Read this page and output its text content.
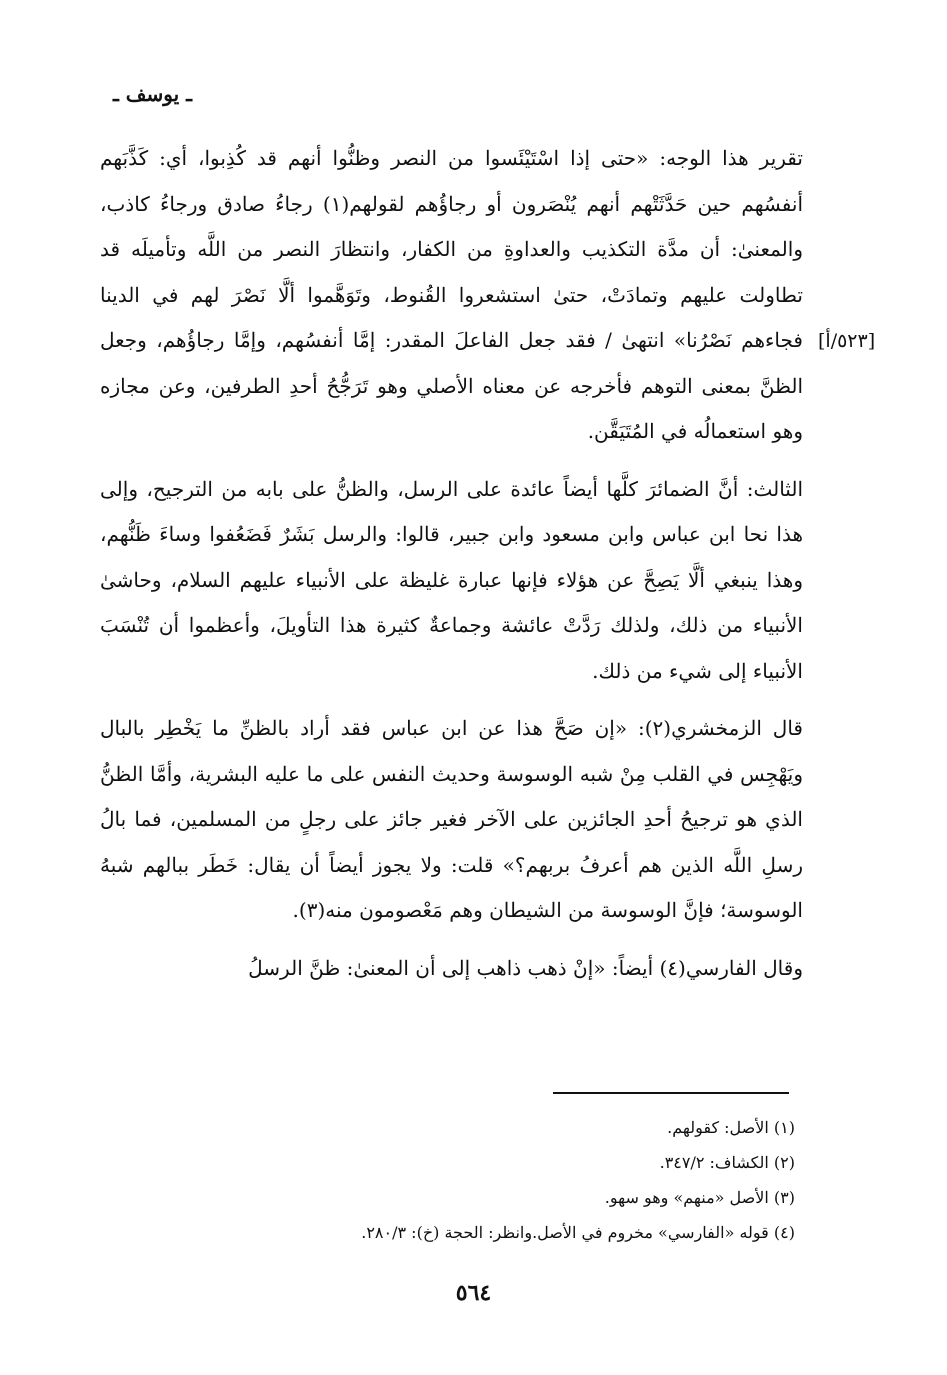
ـ يوسف ـ
[٥٢٣/أ]

تقرير هذا الوجه: «حتى إذا اسْتَيْئَسوا من النصر وظنُّوا أنهم قد كُذِبوا، أي: كَذَّبَهم أنفسُهم حين حَدَّثَتْهم أنهم يُنْصَرون أو رجاؤُهم لقولهم(١) رجاءُ صادق ورجاءُ كاذب، والمعنىٰ: أن مدَّة التكذيب والعداوةِ من الكفار، وانتظارَ النصر من اللَّه وتأميلَه قد تطاولت عليهم وتمادَتْ، حتىٰ استشعروا القُنوط، وتَوَهَّموا ألَّا نَصْرَ لهم في الدينا فجاءهم نَصْرُنا» انتهىٰ / فقد جعل الفاعلَ المقدر: إمَّا أنفسُهم، وإمَّا رجاؤُهم، وجعل الظنَّ بمعنى التوهم فأخرجه عن معناه الأصلي وهو تَرَجُّحُ أحدِ الطرفين، وعن مجازه وهو استعمالُه في المُتَيَقَّن.

الثالث: أنَّ الضمائرَ كلَّها أيضاً عائدة على الرسل، والظنُّ على بابه من الترجيح، وإلى هذا نحا ابن عباس وابن مسعود وابن جبير، قالوا: والرسل بَشَرٌ فَضَعُفوا وساءَ ظَنُّهم، وهذا ينبغي ألَّا يَصِحَّ عن هؤلاء فإنها عبارة غليظة على الأنبياء عليهم السلام، وحاشىٰ الأنبياء من ذلك، ولذلك رَدَّتْ عائشة وجماعةٌ كثيرة هذا التأويلَ، وأعظموا أن تُنْسَبَ الأنبياء إلى شيء من ذلك.

قال الزمخشري(٢): «إن صَحَّ هذا عن ابن عباس فقد أراد بالظنِّ ما يَخْطِر بالبال ويَهْجِس في القلب مِنْ شبه الوسوسة وحديث النفس على ما عليه البشرية، وأمَّا الظنُّ الذي هو ترجيحُ أحدِ الجائزين على الآخر فغير جائز على رجلٍ من المسلمين، فما بالُ رسلِ اللَّه الذين هم أعرفُ بربهم؟» قلت: ولا يجوز أيضاً أن يقال: خَطَر ببالهم شبهُ الوسوسة؛ فإنَّ الوسوسة من الشيطان وهم مَعْصومون منه(٣).

وقال الفارسي(٤) أيضاً: «إنْ ذهب ذاهب إلى أن المعنىٰ: ظنَّ الرسلُ

(١) الأصل: كقولهم.
(٢) الكشاف: ٣٤٧/٢.
(٣) الأصل «منهم» وهو سهو.
(٤) قوله «الفارسي» مخروم في الأصل.وانظر: الحجة (خ): ٢٨٠/٣.
٥٦٤
